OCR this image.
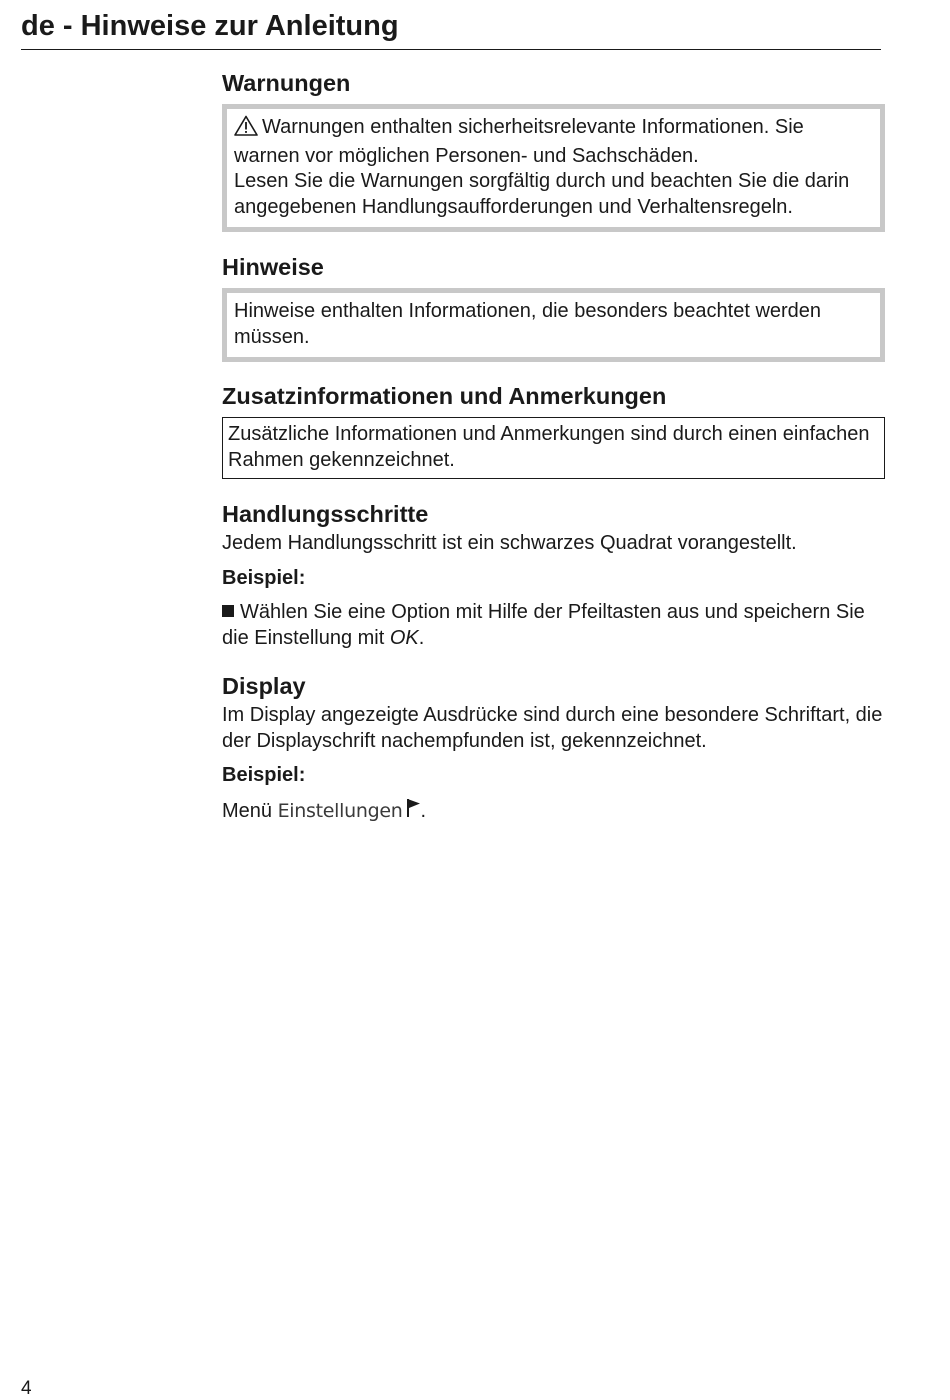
de - Hinweise zur Anleitung
Warnungen

Warnungen enthalten sicherheitsrelevante Informationen. Sie warnen vor möglichen Personen- und Sachschäden.

Lesen Sie die Warnungen sorgfältig durch und beachten Sie die darin angegebenen Handlungsaufforderungen und Verhaltensregeln.

Hinweise

Hinweise enthalten Informationen, die besonders beachtet werden müssen.

Zusatzinformationen und Anmerkungen

Zusätzliche Informationen und Anmerkungen sind durch einen einfachen Rahmen gekennzeichnet.

Handlungsschritte

Jedem Handlungsschritt ist ein schwarzes Quadrat vorangestellt.

Beispiel:

Wählen Sie eine Option mit Hilfe der Pfeiltasten aus und speichern Sie die Einstellung mit OK.

Display

Im Display angezeigte Ausdrücke sind durch eine besondere Schriftart, die der Displayschrift nachempfunden ist, gekennzeichnet.

Beispiel:

Menü Einstellungen .

4
